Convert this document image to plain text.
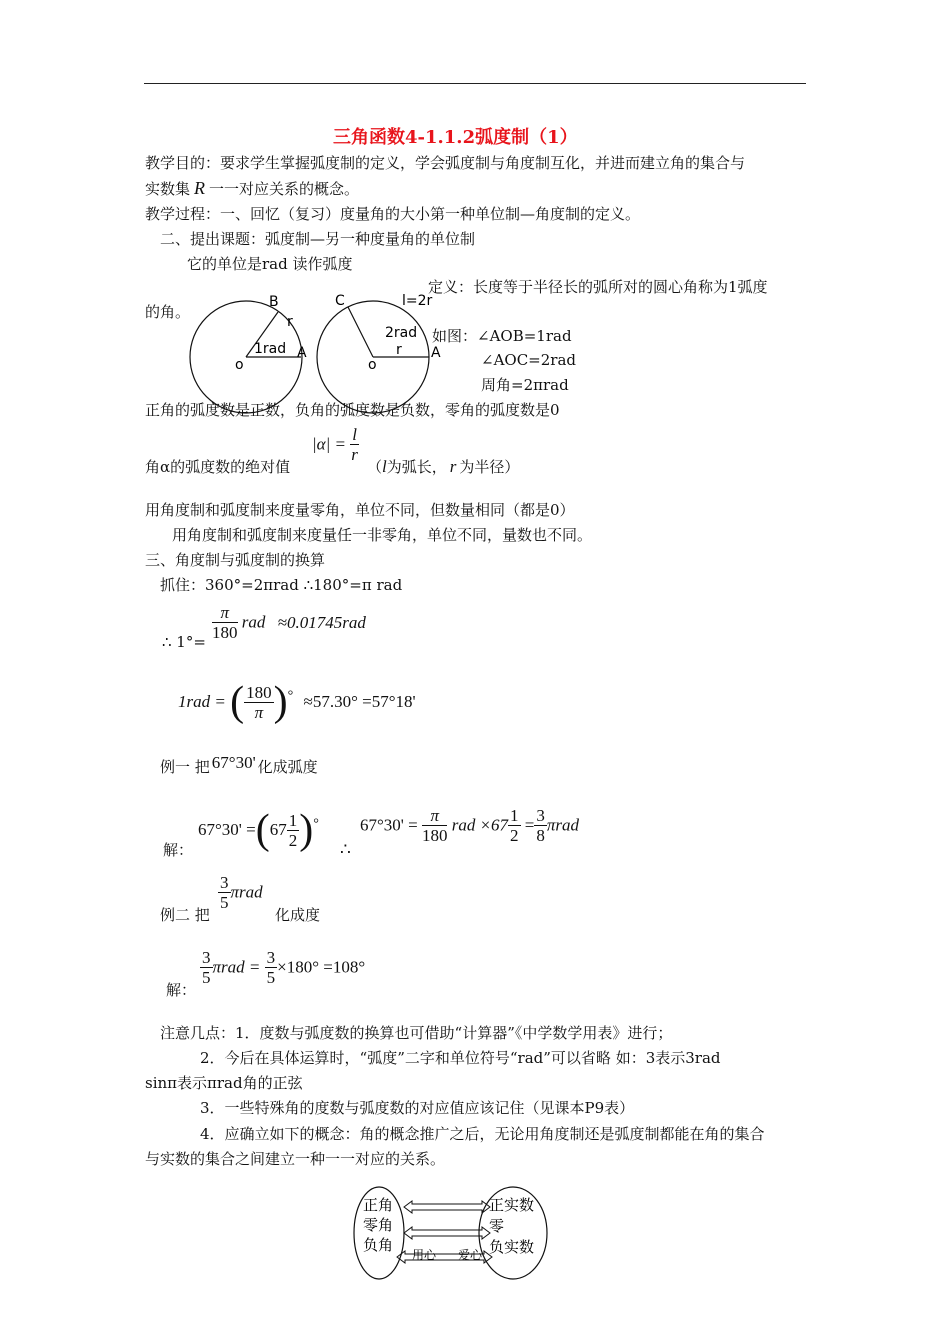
三角函数4-1.1.2弧度制（1）
教学目的：要求学生掌握弧度制的定义，学会弧度制与角度制互化，并进而建立角的集合与
实数集 R 一一对应关系的概念。
教学过程：一、回忆（复习）度量角的大小第一种单位制—角度制的定义。
二、提出课题：弧度制—另一种度量角的单位制
它的单位是rad 读作弧度
定义：长度等于半径长的弧所对的圆心角称为1弧度
的角。
B
r
1rad A
o
C	l=2r
2rad
r A
o
如图：∠AOB=1rad
∠AOC=2rad
周角=2πrad
正角的弧度数是正数，负角的弧度数是负数，零角的弧度数是0
角α的弧度数的绝对值
$|\alpha| = \frac{l}{r}$
（l为弧长， r 为半径）
用角度制和弧度制来度量零角，单位不同，但数量相同（都是0）
用角度制和弧度制来度量任一非零角，单位不同，量数也不同。
三、角度制与弧度制的换算
抓住：360°=2πrad ∴180°=π rad
$\frac{\pi}{180}$ rad ≈0.01745rad
∴ 1°=
1rad = ( $\frac{180}{\pi} )^\circ \approx 57.30^\circ =57^\circ 18'$
例一 把 67°30' 化成弧度
解：
$67^\circ 30' =(67 \frac{1}{2} )^\circ$
∴
$67^\circ 30' = \frac{\pi}{180}$ rad $\times 67 \frac{1}{2} = \frac{3}{8}$ πrad
例二 把
$\frac{3}{5}$ πrad
化成度
解：
$\frac{3}{5}$ $\pi rad = \frac{3}{5} \times 180^\circ =108^\circ$
注意几点：1．度数与弧度数的换算也可借助“计算器”《中学数学用表》进行；
2．今后在具体运算时，“弧度”二字和单位符号“rad”可以省略 如：3表示3rad
sinπ表示πrad角的正弦
3．一些特殊角的度数与弧度数的对应值应该记住（见课本P9表）
4．应确立如下的概念：角的概念推广之后，无论用角度制还是弧度制都能在角的集合
与实数的集合之间建立一种一一对应的关系。
正角
零角
负角
正实数
零
负实数
用心 爱心
